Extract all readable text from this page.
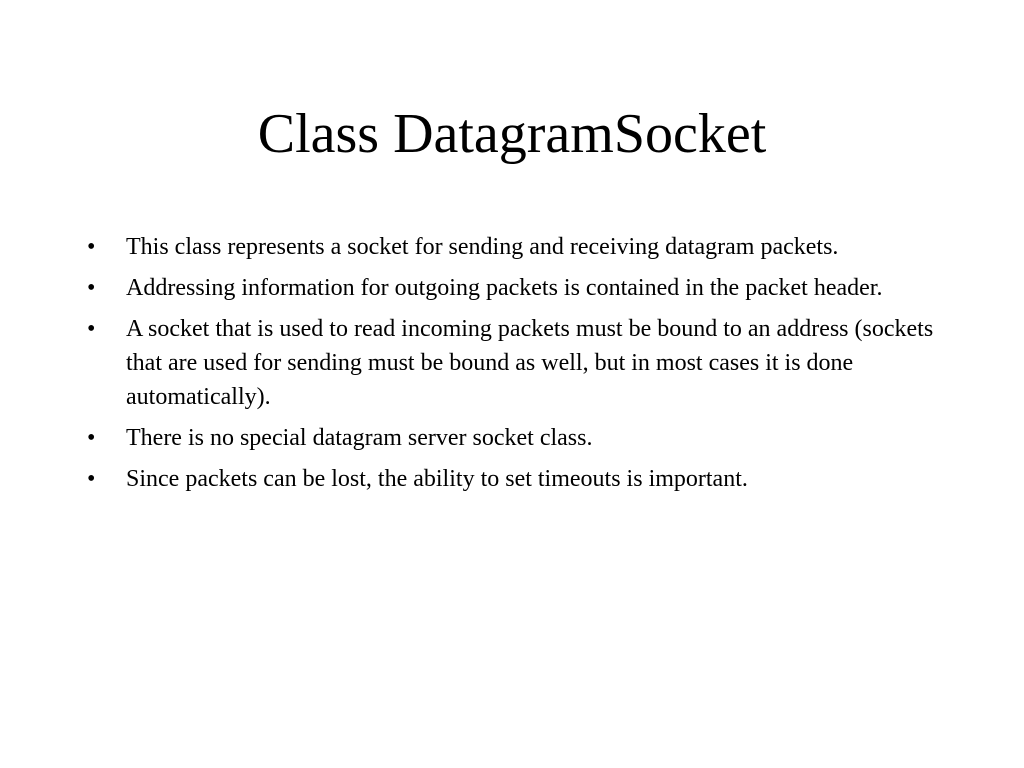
Class DatagramSocket
• This class represents a socket for sending and receiving datagram packets.
• Addressing information for outgoing packets is contained in the packet header.
• A socket that is used to read incoming packets must be bound to an address (sockets that are used for sending must be bound as well, but in most cases it is done automatically).
• There is no special datagram server socket class.
• Since packets can be lost, the ability to set timeouts is important.
